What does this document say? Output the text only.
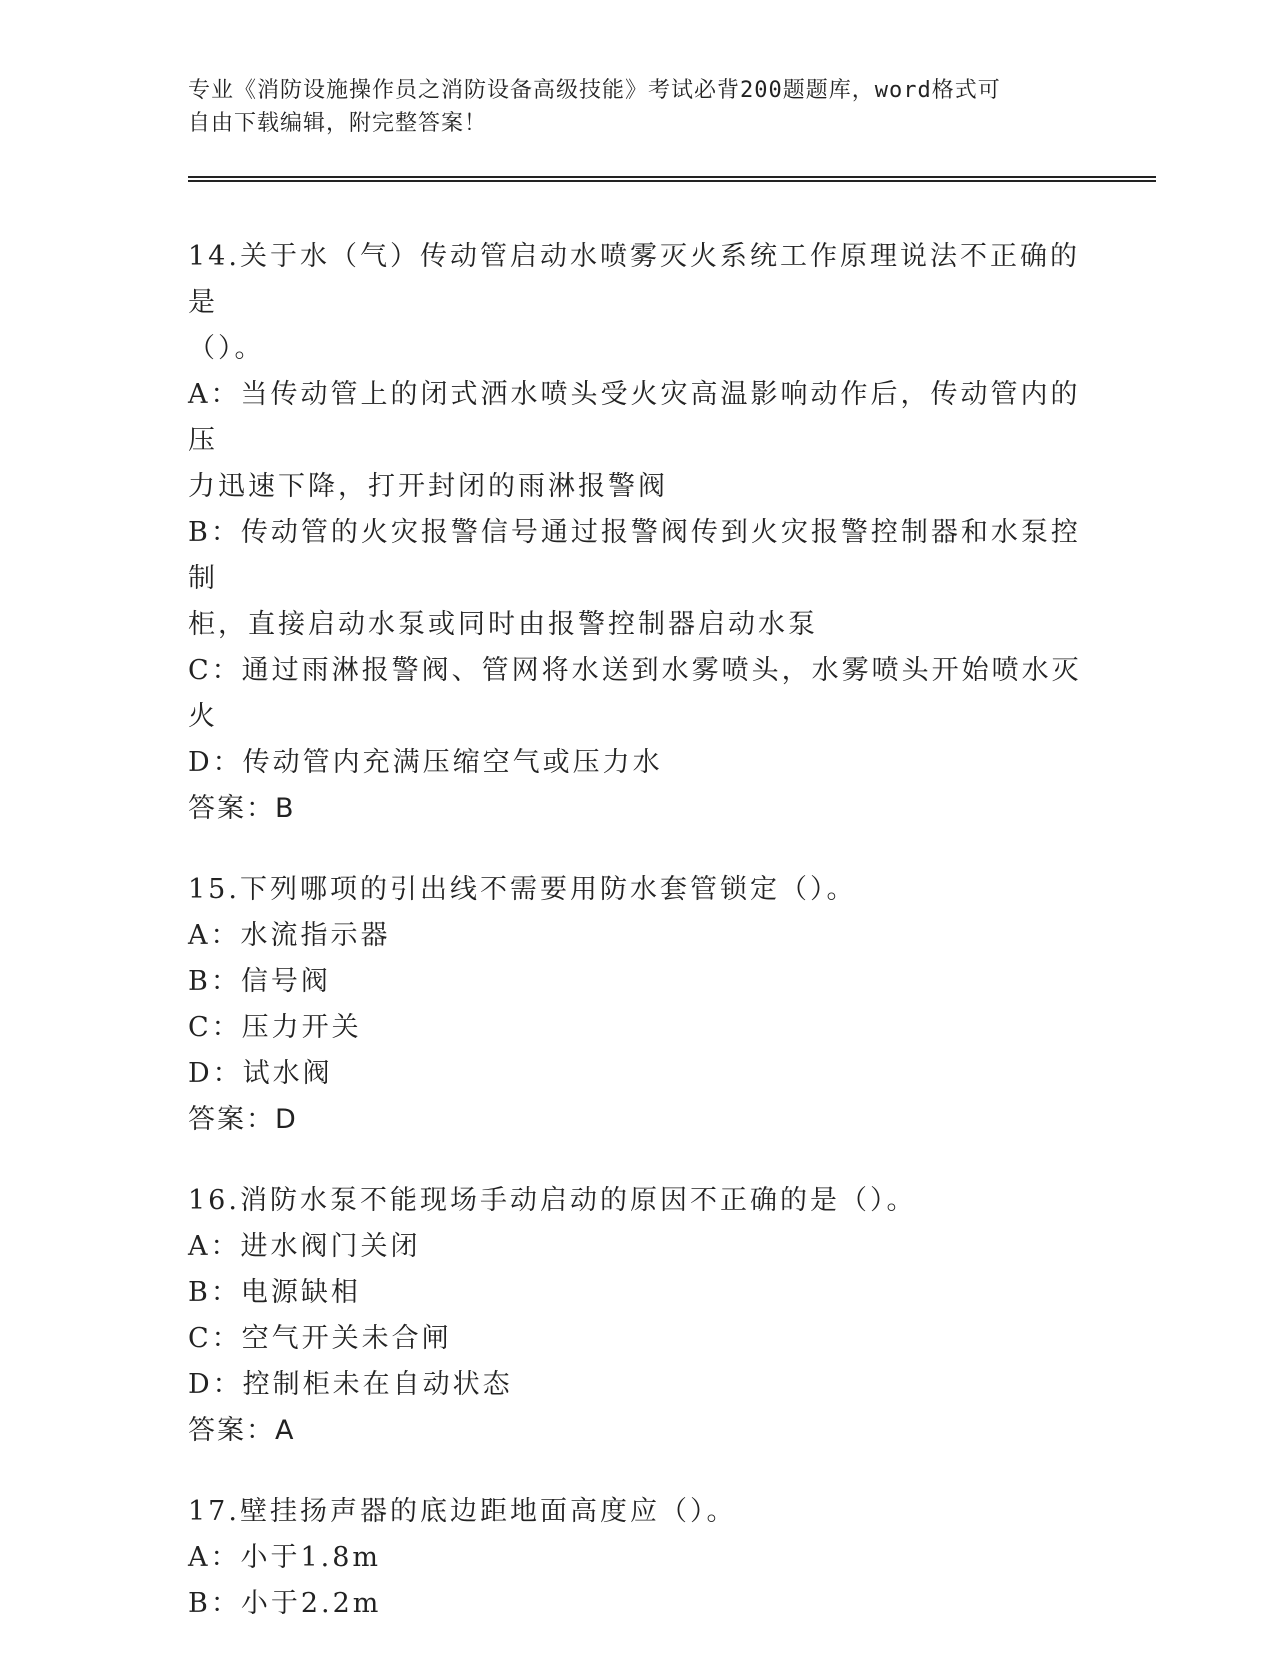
专业《消防设施操作员之消防设备高级技能》考试必背200题题库，word格式可
自由下载编辑，附完整答案！
14.关于水（气）传动管启动水喷雾灭火系统工作原理说法不正确的是
（）。
A：当传动管上的闭式洒水喷头受火灾高温影响动作后，传动管内的压
力迅速下降，打开封闭的雨淋报警阀
B：传动管的火灾报警信号通过报警阀传到火灾报警控制器和水泵控制
柜，直接启动水泵或同时由报警控制器启动水泵
C：通过雨淋报警阀、管网将水送到水雾喷头，水雾喷头开始喷水灭火
D：传动管内充满压缩空气或压力水
答案：B
15.下列哪项的引出线不需要用防水套管锁定（）。
A：水流指示器
B：信号阀
C：压力开关
D：试水阀
答案：D
16.消防水泵不能现场手动启动的原因不正确的是（）。
A：进水阀门关闭
B：电源缺相
C：空气开关未合闸
D：控制柜未在自动状态
答案：A
17.壁挂扬声器的底边距地面高度应（）。
A：小于1.8m
B：小于2.2m
